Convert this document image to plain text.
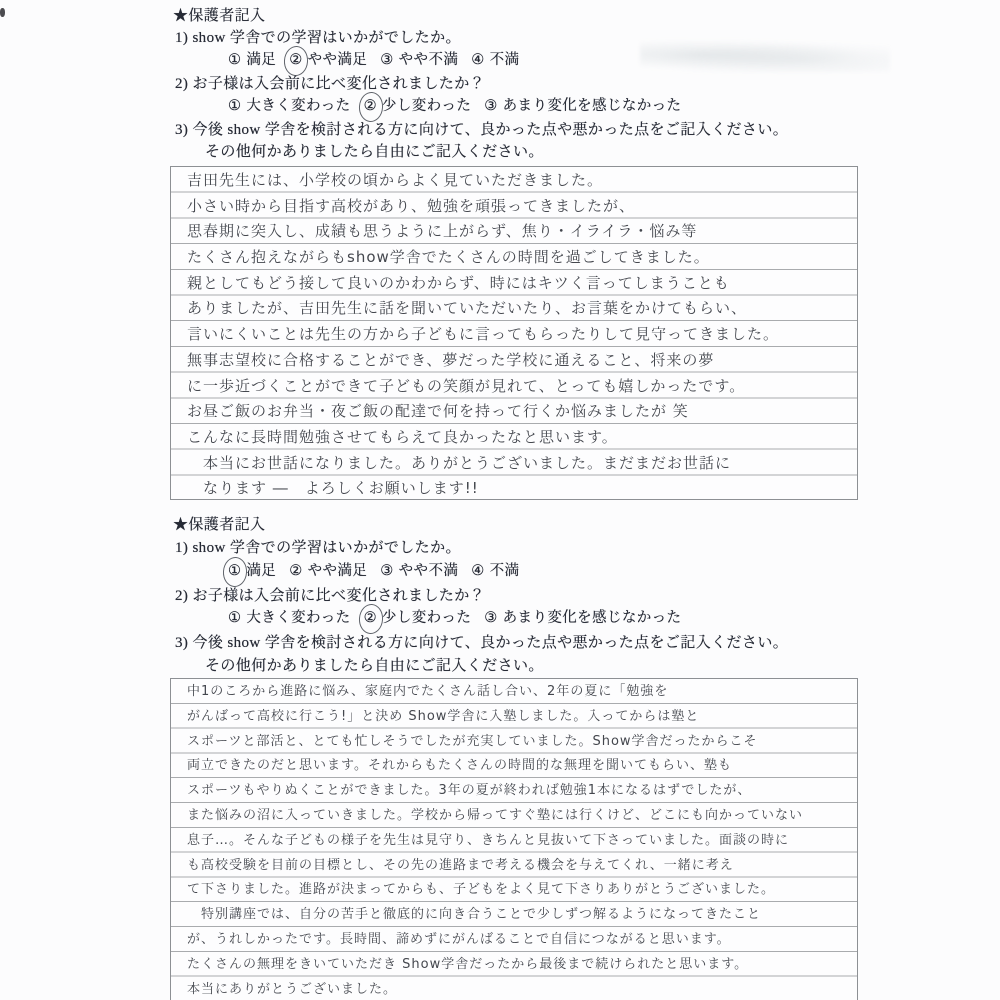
★保護者記入
1) show 学舎での学習はいかがでしたか。
① 満足 ② やや満足 ③ やや不満 ④ 不満
2) お子様は入会前に比べ変化されましたか？
① 大きく変わった ② 少し変わった ③ あまり変化を感じなかった
3) 今後 show 学舎を検討される方に向けて、良かった点や悪かった点をご記入ください。
その他何かありましたら自由にご記入ください。
吉田先生には、小学校の頃からよく見ていただきました。
小さい時から目指す高校があり、勉強を頑張ってきましたが、
思春期に突入し、成績も思うように上がらず、焦り・イライラ・悩み等
たくさん抱えながらもshow学舎でたくさんの時間を過ごしてきました。
親としてもどう接して良いのかわからず、時にはキツく言ってしまうことも
ありましたが、吉田先生に話を聞いていただいたり、お言葉をかけてもらい、
言いにくいことは先生の方から子どもに言ってもらったりして見守ってきました。
無事志望校に合格することができ、夢だった学校に通えること、将来の夢
に一歩近づくことができて子どもの笑顔が見れて、とっても嬉しかったです。
お昼ご飯のお弁当・夜ご飯の配達で何を持って行くか悩みましたが 笑
こんなに長時間勉強させてもらえて良かったなと思います。
　本当にお世話になりました。ありがとうございました。まだまだお世話に
　なります ―　よろしくお願いします!!
★保護者記入
1) show 学舎での学習はいかがでしたか。
① 満足 ② やや満足 ③ やや不満 ④ 不満
2) お子様は入会前に比べ変化されましたか？
① 大きく変わった ② 少し変わった ③ あまり変化を感じなかった
3) 今後 show 学舎を検討される方に向けて、良かった点や悪かった点をご記入ください。
その他何かありましたら自由にご記入ください。
中1のころから進路に悩み、家庭内でたくさん話し合い、2年の夏に「勉強を
がんばって高校に行こう!」と決め Show学舎に入塾しました。入ってからは塾と
スポーツと部活と、とても忙しそうでしたが充実していました。Show学舎だったからこそ
両立できたのだと思います。それからもたくさんの時間的な無理を聞いてもらい、塾も
スポーツもやりぬくことができました。3年の夏が終われば勉強1本になるはずでしたが、
また悩みの沼に入っていきました。学校から帰ってすぐ塾には行くけど、どこにも向かっていない
息子…。そんな子どもの様子を先生は見守り、きちんと見抜いて下さっていました。面談の時に
も高校受験を目前の目標とし、その先の進路まで考える機会を与えてくれ、一緒に考え
て下さりました。進路が決まってからも、子どもをよく見て下さりありがとうございました。
　特別講座では、自分の苦手と徹底的に向き合うことで少しずつ解るようになってきたこと
が、うれしかったです。長時間、諦めずにがんばることで自信につながると思います。
たくさんの無理をきいていただき Show学舎だったから最後まで続けられたと思います。
本当にありがとうございました。
